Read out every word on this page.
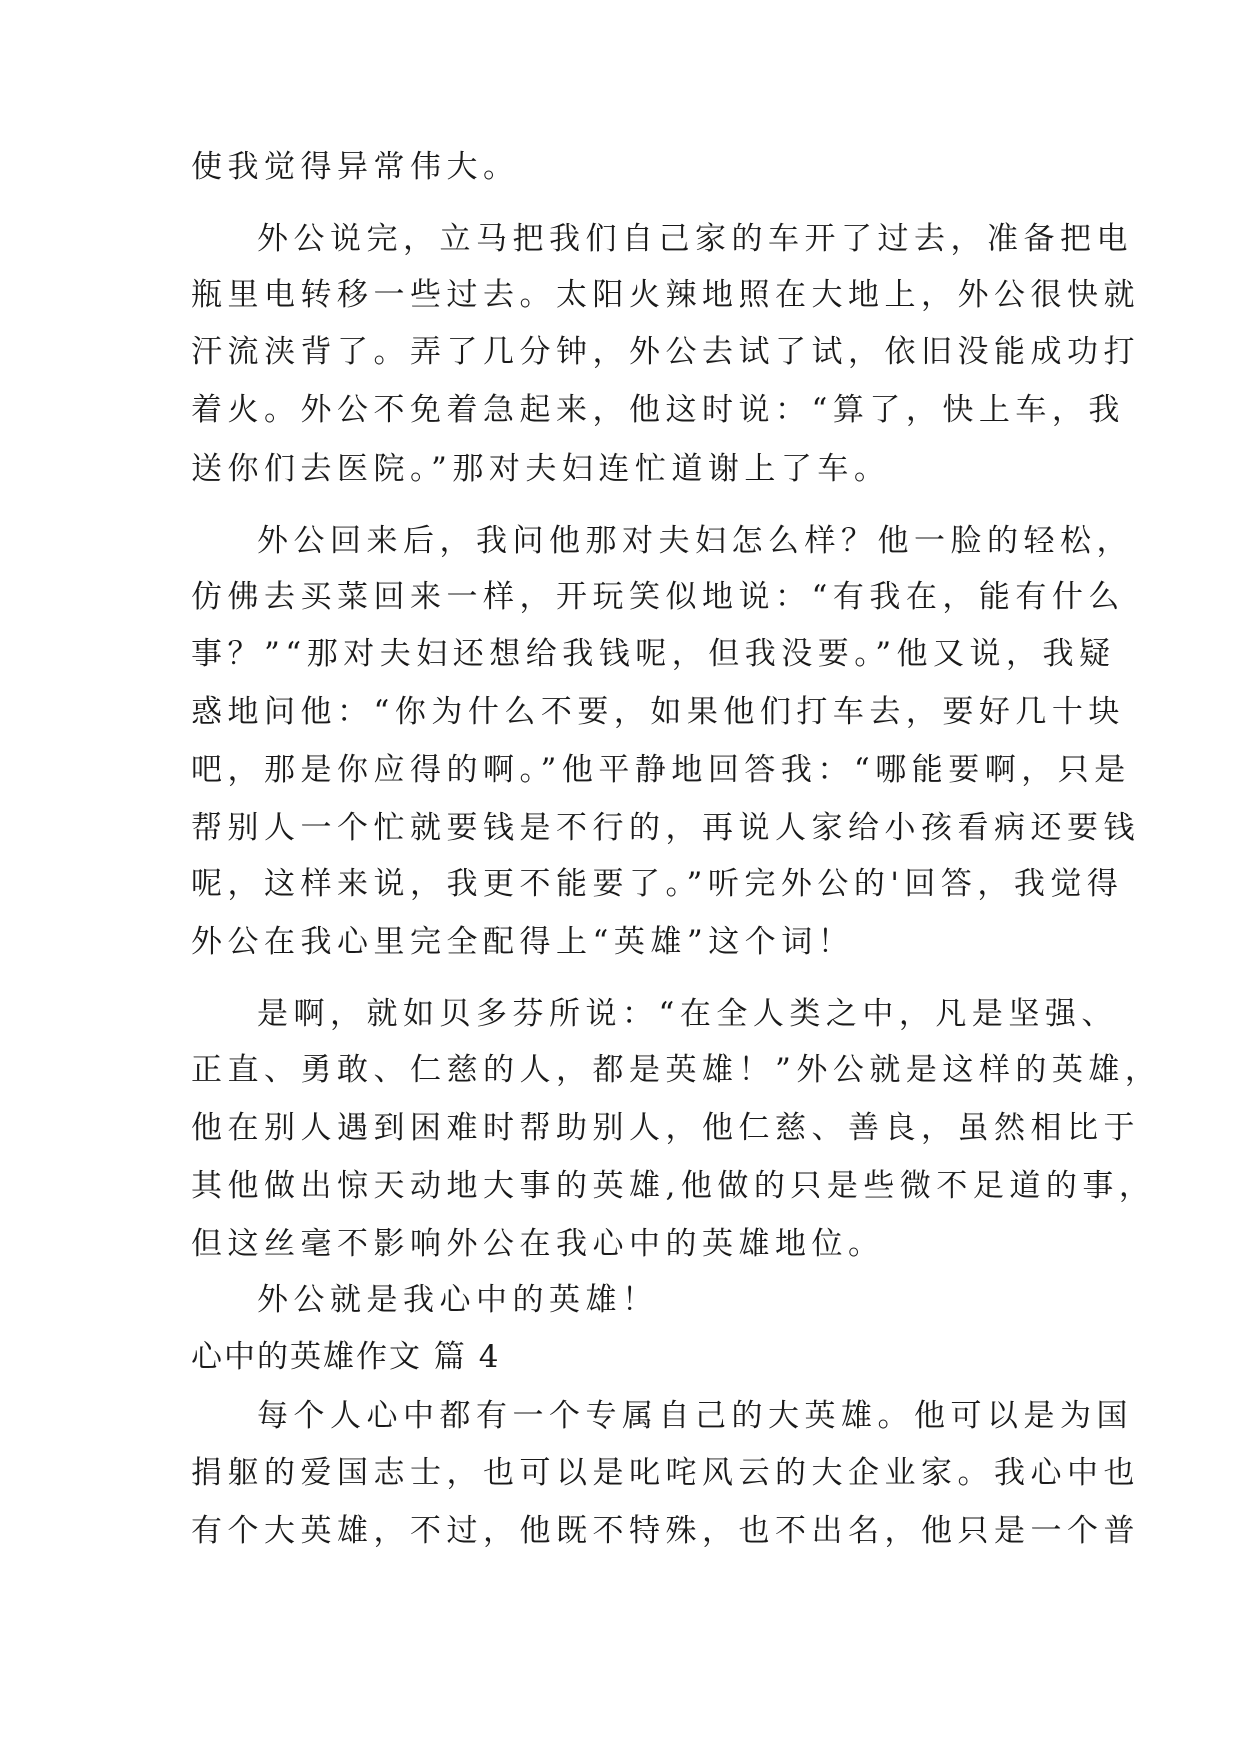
使我觉得异常伟大。
外公说完，立马把我们自己家的车开了过去，准备把电
瓶里电转移一些过去。太阳火辣地照在大地上，外公很快就
汗流浃背了。弄了几分钟，外公去试了试，依旧没能成功打
着火。外公不免着急起来，他这时说：“算了，快上车，我
送你们去医院。”那对夫妇连忙道谢上了车。
外公回来后，我问他那对夫妇怎么样？他一脸的轻松，
仿佛去买菜回来一样，开玩笑似地说：“有我在，能有什么
事？”“那对夫妇还想给我钱呢，但我没要。”他又说，我疑
惑地问他：“你为什么不要，如果他们打车去，要好几十块
吧，那是你应得的啊。”他平静地回答我：“哪能要啊，只是
帮别人一个忙就要钱是不行的，再说人家给小孩看病还要钱
呢，这样来说，我更不能要了。”听完外公的'回答，我觉得
外公在我心里完全配得上“英雄”这个词！
是啊，就如贝多芬所说：“在全人类之中，凡是坚强、
正直、勇敢、仁慈的人，都是英雄！”外公就是这样的英雄，
他在别人遇到困难时帮助别人，他仁慈、善良，虽然相比于
其他做出惊天动地大事的英雄,他做的只是些微不足道的事，
但这丝毫不影响外公在我心中的英雄地位。
外公就是我心中的英雄！
心中的英雄作文 篇 4
每个人心中都有一个专属自己的大英雄。他可以是为国
捐躯的爱国志士，也可以是叱咤风云的大企业家。我心中也
有个大英雄，不过，他既不特殊，也不出名，他只是一个普
